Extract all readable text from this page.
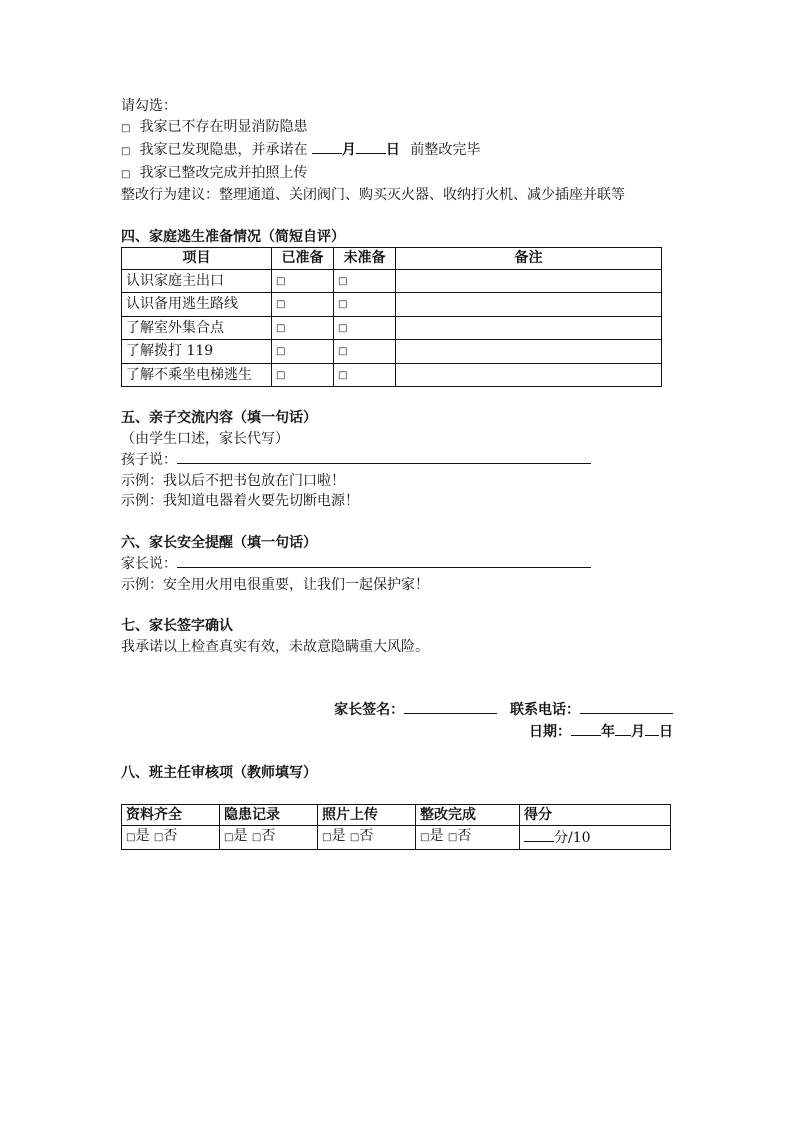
请勾选：
□ 我家已不存在明显消防隐患
□ 我家已发现隐患，并承诺在 月 日 前整改完毕
□ 我家已整改完成并拍照上传
整改行为建议：整理通道、关闭阀门、购买灭火器、收纳打火机、减少插座并联等
四、家庭逃生准备情况（简短自评）
项目	已准备	未准备	备注
认识家庭主出口	□	□	
认识备用逃生路线	□	□	
了解室外集合点	□	□	
了解拨打 119	□	□	
了解不乘坐电梯逃生	□	□	
五、亲子交流内容（填一句话）
（由学生口述，家长代写）
孩子说：
示例：我以后不把书包放在门口啦！
示例：我知道电器着火要先切断电源！
六、家长安全提醒（填一句话）
家长说：
示例：安全用火用电很重要，让我们一起保护家！
七、家长签字确认
我承诺以上检查真实有效，未故意隐瞒重大风险。
家长签名：	联系电话：
日期： 年 月 日
八、班主任审核项（教师填写）
资料齐全	隐患记录	照片上传	整改完成	得分
□是 □否	□是 □否	□是 □否	□是 □否	分/10
